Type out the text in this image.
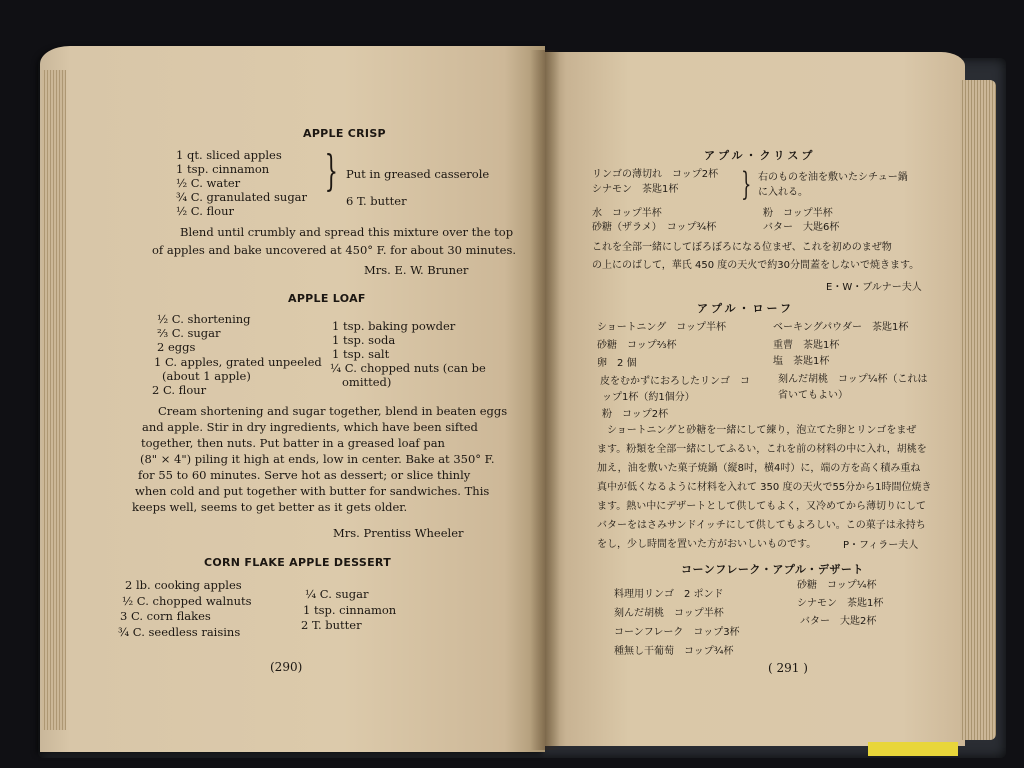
APPLE CRISP
1 qt. sliced apples
1 tsp. cinnamon
½ C. water
¾ C. granulated sugar
½ C. flour
} Put in greased casserole
6 T. butter
Blend until crumbly and spread this mixture over the top
of apples and bake uncovered at 450° F. for about 30 minutes.
Mrs. E. W. Bruner
APPLE LOAF
½ C. shortening
⅔ C. sugar
2 eggs
1 C. apples, grated unpeeled
(about 1 apple)
2 C. flour
1 tsp. baking powder
1 tsp. soda
1 tsp. salt
¼ C. chopped nuts (can be
omitted)
Cream shortening and sugar together, blend in beaten eggs
and apple. Stir in dry ingredients, which have been sifted
together, then nuts. Put batter in a greased loaf pan
(8" × 4") piling it high at ends, low in center. Bake at 350° F.
for 55 to 60 minutes. Serve hot as dessert; or slice thinly
when cold and put together with butter for sandwiches. This
keeps well, seems to get better as it gets older.
Mrs. Prentiss Wheeler
CORN FLAKE APPLE DESSERT
2 lb. cooking apples
½ C. chopped walnuts
3 C. corn flakes
¾ C. seedless raisins
¼ C. sugar
1 tsp. cinnamon
2 T. butter
(290)
アプル・クリスプ
リンゴの薄切れ　コップ2杯
シナモン　茶匙1杯 } 右のものを油を敷いたシチュー鍋
に入れる。
水　コップ半杯
砂糖（ザラメ）　コップ¾杯
粉　コップ半杯
バター　大匙6杯
これを全部一緒にしてぼろぼろになる位まぜ、これを初めのまぜ物
の上にのばして，華氏 450 度の天火で約30分間蓋をしないで焼きます。
E・W・ブルナー夫人
アプル・ローフ
ショートニング　コップ半杯
砂糖　コップ⅔杯
卵　2 個
皮をむかずにおろしたリンゴ　コ
ップ1杯（約1個分）
粉　コップ2杯
ベーキングパウダー　茶匙1杯
重曹　茶匙1杯
塩　茶匙1杯
刻んだ胡桃　コップ¼杯（これは
省いてもよい）
　ショートニングと砂糖を一緒にして練り，泡立てた卵とリンゴをまぜ
ます。粉類を全部一緒にしてふるい，これを前の材料の中に入れ，胡桃を
加え，油を敷いた菓子焼鍋（縦8吋，横4吋）に，端の方を高く積み重ね
真中が低くなるように材料を入れて 350 度の天火で55分から1時間位焼き
ます。熱い中にデザートとして供してもよく，又冷めてから薄切りにして
バターをはさみサンドイッチにして供してもよろしい。この菓子は永持ち
をし，少し時間を置いた方がおいしいものです。	P・フィラー夫人
コーンフレーク・アプル・デザート
料理用リンゴ　2 ポンド
刻んだ胡桃　コップ半杯
コーンフレーク　コップ3杯
種無し干葡萄　コップ¾杯
砂糖　コップ¼杯
シナモン　茶匙1杯
バター　大匙2杯
( 291 )
